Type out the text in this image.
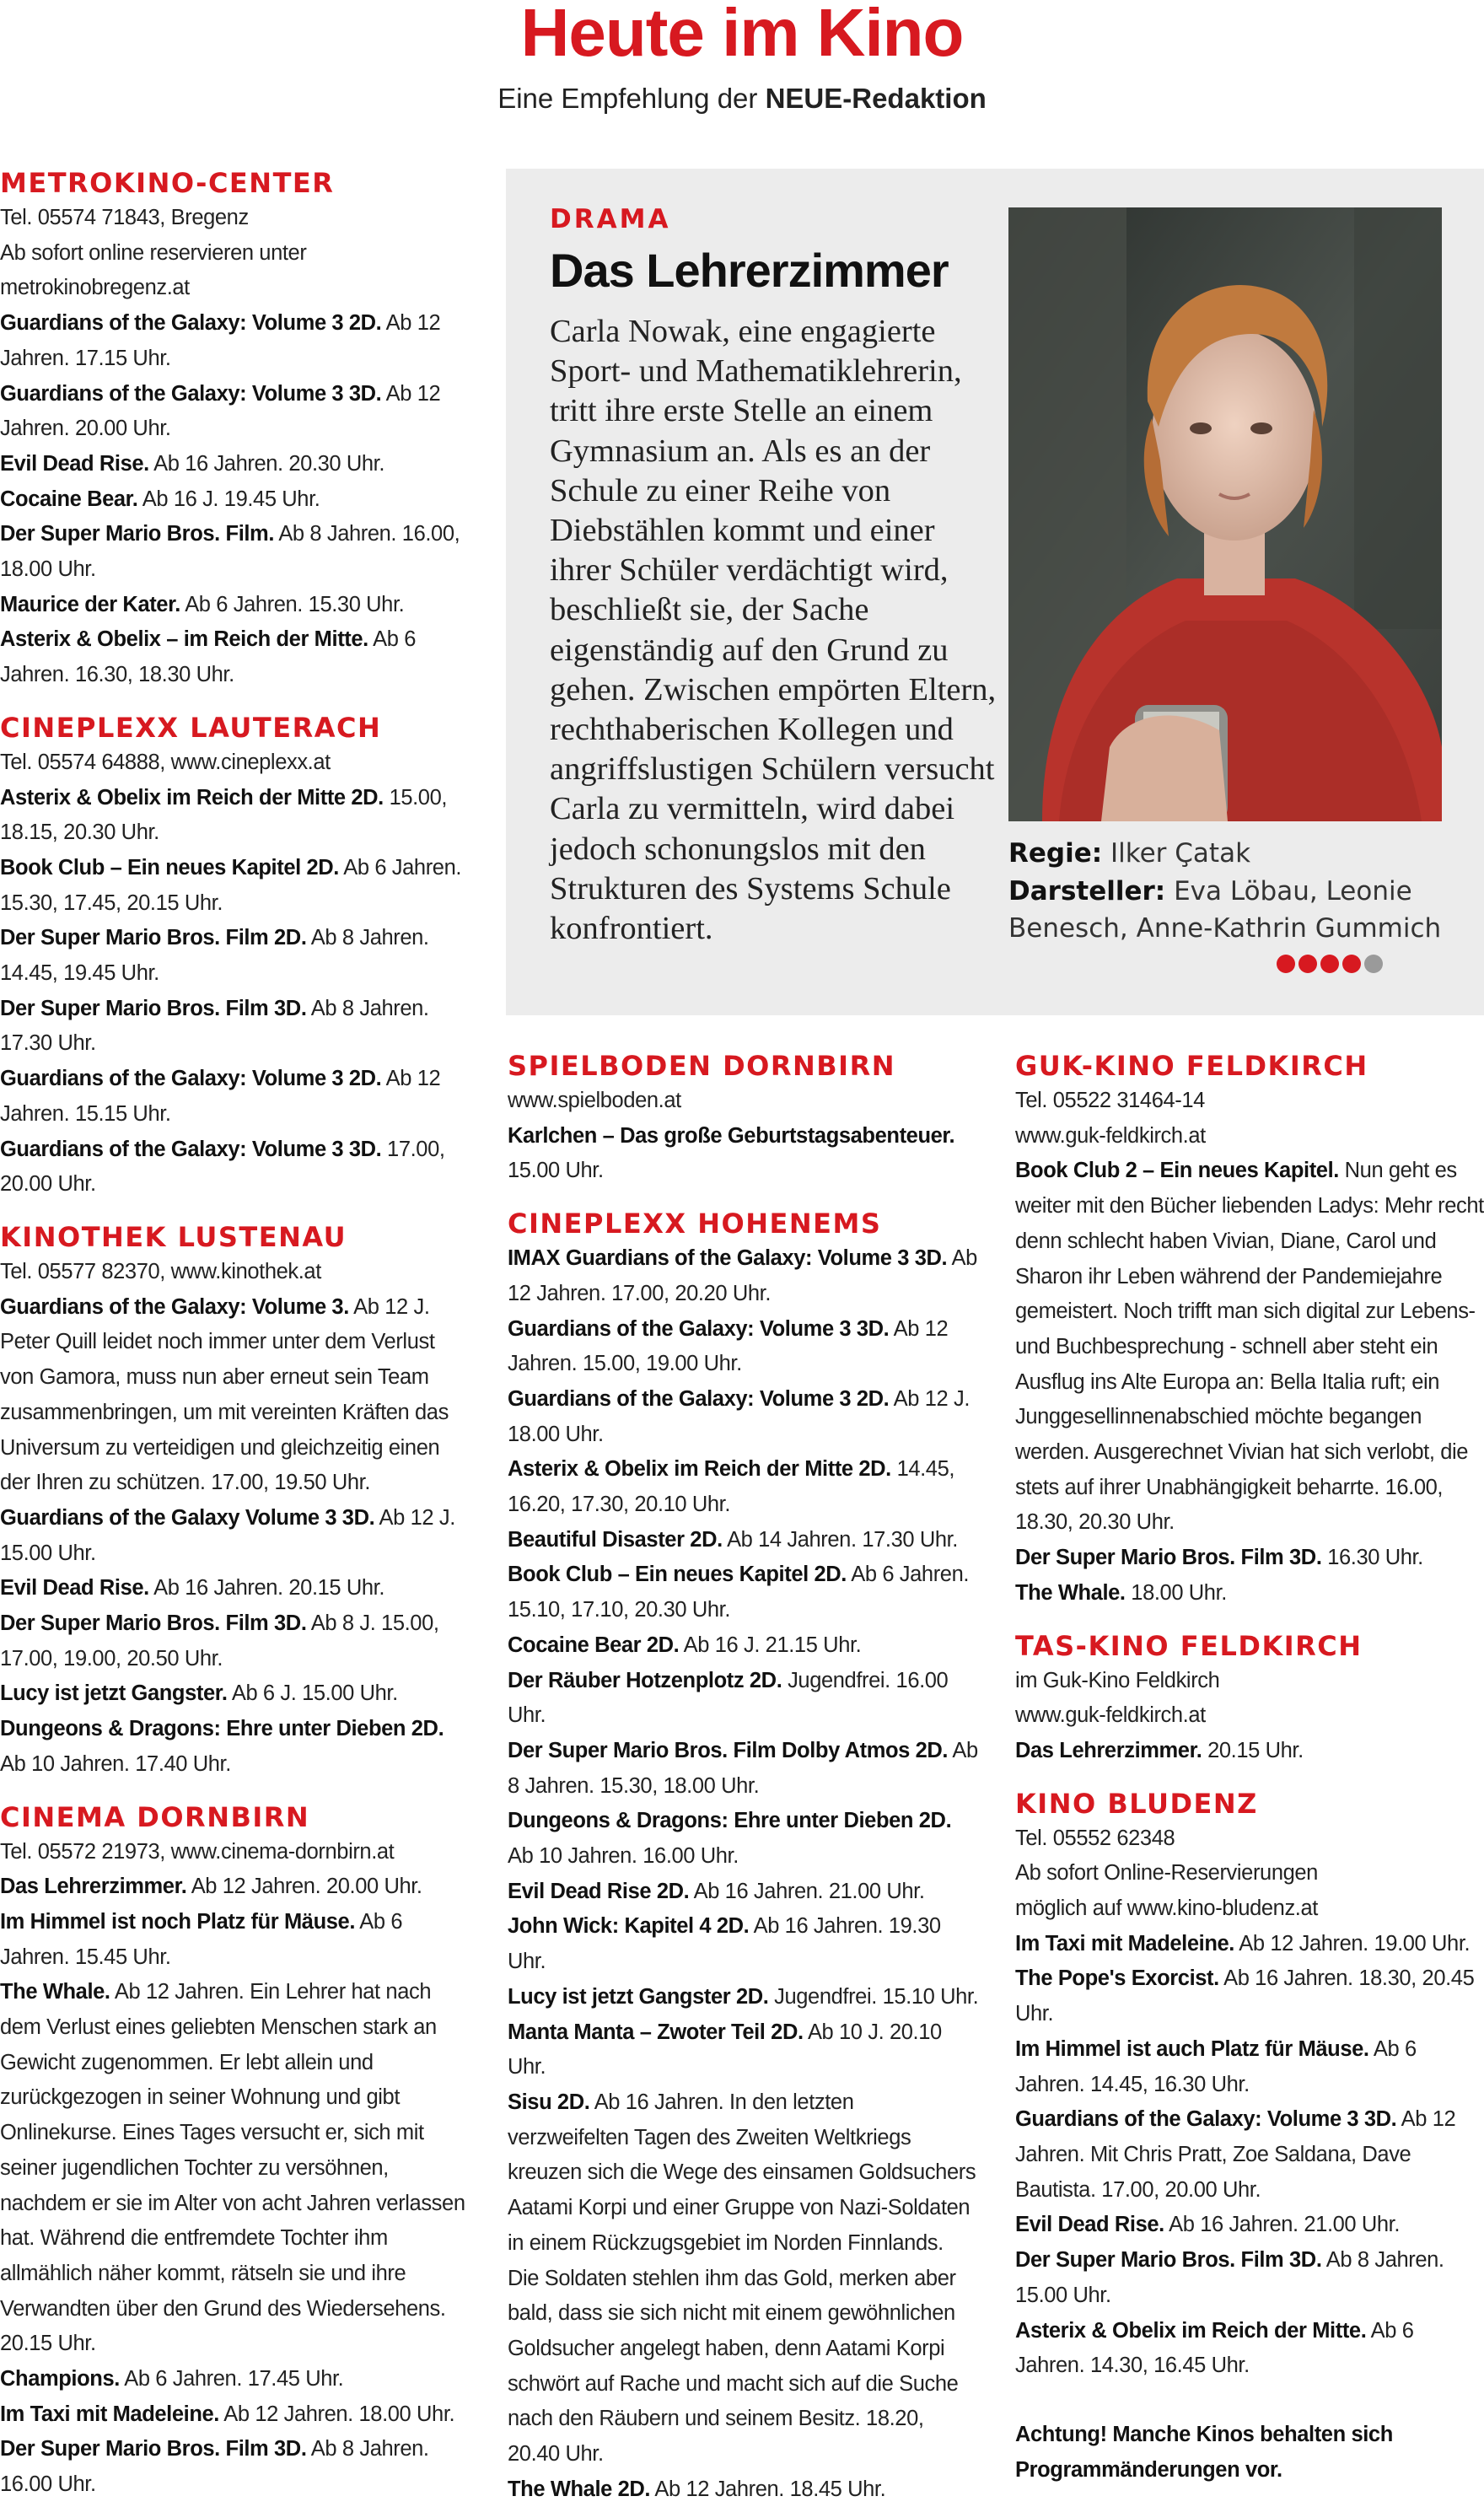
Heute im Kino
Eine Empfehlung der NEUE-Redaktion
DRAMA
Das Lehrerzimmer

Carla Nowak, eine engagierte Sport- und Mathematiklehrerin, tritt ihre erste Stelle an einem Gymnasium an. Als es an der Schule zu einer Reihe von Diebstählen kommt und einer ihrer Schüler verdächtigt wird, beschließt sie, der Sache eigenständig auf den Grund zu gehen. Zwischen empörten Eltern, rechthaberischen Kollegen und angriffslustigen Schülern versucht Carla zu vermitteln, wird dabei jedoch schonungslos mit den Strukturen des Systems Schule konfrontiert.

Regie: Ilker Çatak
Darsteller: Eva Löbau, Leonie Benesch, Anne-Kathrin Gummich

METROKINO-CENTER

Tel. 05574 71843, Bregenz

Ab sofort online reservieren unter

metrokinobregenz.at

Guardians of the Galaxy: Volume 3 2D. Ab 12 Jahren. 17.15 Uhr.

Guardians of the Galaxy: Volume 3 3D. Ab 12 Jahren. 20.00 Uhr.

Evil Dead Rise. Ab 16 Jahren. 20.30 Uhr.

Cocaine Bear. Ab 16 J. 19.45 Uhr.

Der Super Mario Bros. Film. Ab 8 Jahren. 16.00, 18.00 Uhr.

Maurice der Kater. Ab 6 Jahren. 15.30 Uhr.

Asterix & Obelix – im Reich der Mitte. Ab 6 Jahren. 16.30, 18.30 Uhr.

CINEPLEXX LAUTERACH

Tel. 05574 64888, www.cineplexx.at

Asterix & Obelix im Reich der Mitte 2D. 15.00, 18.15, 20.30 Uhr.

Book Club – Ein neues Kapitel 2D. Ab 6 Jahren. 15.30, 17.45, 20.15 Uhr.

Der Super Mario Bros. Film 2D. Ab 8 Jahren. 14.45, 19.45 Uhr.

Der Super Mario Bros. Film 3D. Ab 8 Jahren. 17.30 Uhr.

Guardians of the Galaxy: Volume 3 2D. Ab 12 Jahren. 15.15 Uhr.

Guardians of the Galaxy: Volume 3 3D. 17.00, 20.00 Uhr.

KINOTHEK LUSTENAU

Tel. 05577 82370, www.kinothek.at

Guardians of the Galaxy: Volume 3. Ab 12 J. Peter Quill leidet noch immer unter dem Verlust von Gamora, muss nun aber erneut sein Team zusammenbringen, um mit vereinten Kräften das Universum zu verteidigen und gleichzeitig einen der Ihren zu schützen. 17.00, 19.50 Uhr.

Guardians of the Galaxy Volume 3 3D. Ab 12 J. 15.00 Uhr.

Evil Dead Rise. Ab 16 Jahren. 20.15 Uhr.

Der Super Mario Bros. Film 3D. Ab 8 J. 15.00, 17.00, 19.00, 20.50 Uhr.

Lucy ist jetzt Gangster. Ab 6 J. 15.00 Uhr.

Dungeons & Dragons: Ehre unter Dieben 2D. Ab 10 Jahren. 17.40 Uhr.

CINEMA DORNBIRN

Tel. 05572 21973, www.cinema-dornbirn.at

Das Lehrerzimmer. Ab 12 Jahren. 20.00 Uhr.

Im Himmel ist noch Platz für Mäuse. Ab 6 Jahren. 15.45 Uhr.

The Whale. Ab 12 Jahren. Ein Lehrer hat nach dem Verlust eines geliebten Menschen stark an Gewicht zugenommen. Er lebt allein und zurückgezogen in seiner Wohnung und gibt Onlinekurse. Eines Tages versucht er, sich mit seiner jugendlichen Tochter zu versöhnen, nachdem er sie im Alter von acht Jahren verlassen hat. Während die entfremdete Tochter ihm allmählich näher kommt, rätseln sie und ihre Verwandten über den Grund des Wiedersehens. 20.15 Uhr.

Champions. Ab 6 Jahren. 17.45 Uhr.

Im Taxi mit Madeleine. Ab 12 Jahren. 18.00 Uhr.

Der Super Mario Bros. Film 3D. Ab 8 Jahren. 16.00 Uhr.

SPIELBODEN DORNBIRN

www.spielboden.at

Karlchen – Das große Geburtstagsabenteuer. 15.00 Uhr.

CINEPLEXX HOHENEMS

IMAX Guardians of the Galaxy: Volume 3 3D. Ab 12 Jahren. 17.00, 20.20 Uhr.

Guardians of the Galaxy: Volume 3 3D. Ab 12 Jahren. 15.00, 19.00 Uhr.

Guardians of the Galaxy: Volume 3 2D. Ab 12 J. 18.00 Uhr.

Asterix & Obelix im Reich der Mitte 2D. 14.45, 16.20, 17.30, 20.10 Uhr.

Beautiful Disaster 2D. Ab 14 Jahren. 17.30 Uhr.

Book Club – Ein neues Kapitel 2D. Ab 6 Jahren. 15.10, 17.10, 20.30 Uhr.

Cocaine Bear 2D. Ab 16 J. 21.15 Uhr.

Der Räuber Hotzenplotz 2D. Jugendfrei. 16.00 Uhr.

Der Super Mario Bros. Film Dolby Atmos 2D. Ab 8 Jahren. 15.30, 18.00 Uhr.

Dungeons & Dragons: Ehre unter Dieben 2D. Ab 10 Jahren. 16.00 Uhr.

Evil Dead Rise 2D. Ab 16 Jahren. 21.00 Uhr.

John Wick: Kapitel 4 2D. Ab 16 Jahren. 19.30 Uhr.

Lucy ist jetzt Gangster 2D. Jugendfrei. 15.10 Uhr.

Manta Manta – Zwoter Teil 2D. Ab 10 J. 20.10 Uhr.

Sisu 2D. Ab 16 Jahren. In den letzten verzweifelten Tagen des Zweiten Weltkriegs kreuzen sich die Wege des einsamen Goldsuchers Aatami Korpi und einer Gruppe von Nazi-Soldaten in einem Rückzugsgebiet im Norden Finnlands. Die Soldaten stehlen ihm das Gold, merken aber bald, dass sie sich nicht mit einem gewöhnlichen Goldsucher angelegt haben, denn Aatami Korpi schwört auf Rache und macht sich auf die Suche nach den Räubern und seinem Besitz. 18.20, 20.40 Uhr.

The Whale 2D. Ab 12 Jahren. 18.45 Uhr.

GUK-KINO FELDKIRCH

Tel. 05522 31464-14

www.guk-feldkirch.at

Book Club 2 – Ein neues Kapitel. Nun geht es weiter mit den Bücher liebenden Ladys: Mehr recht denn schlecht haben Vivian, Diane, Carol und Sharon ihr Leben während der Pandemiejahre gemeistert. Noch trifft man sich digital zur Lebens- und Buchbesprechung - schnell aber steht ein Ausflug ins Alte Europa an: Bella Italia ruft; ein Junggesellinnenabschied möchte begangen werden. Ausgerechnet Vivian hat sich verlobt, die stets auf ihrer Unabhängigkeit beharrte. 16.00, 18.30, 20.30 Uhr.

Der Super Mario Bros. Film 3D. 16.30 Uhr.

The Whale. 18.00 Uhr.

TAS-KINO FELDKIRCH

im Guk-Kino Feldkirch

www.guk-feldkirch.at

Das Lehrerzimmer. 20.15 Uhr.

KINO BLUDENZ

Tel. 05552 62348

Ab sofort Online-Reservierungen

möglich auf www.kino-bludenz.at

Im Taxi mit Madeleine. Ab 12 Jahren. 19.00 Uhr.

The Pope's Exorcist. Ab 16 Jahren. 18.30, 20.45 Uhr.

Im Himmel ist auch Platz für Mäuse. Ab 6 Jahren. 14.45, 16.30 Uhr.

Guardians of the Galaxy: Volume 3 3D. Ab 12 Jahren. Mit Chris Pratt, Zoe Saldana, Dave Bautista. 17.00, 20.00 Uhr.

Evil Dead Rise. Ab 16 Jahren. 21.00 Uhr.

Der Super Mario Bros. Film 3D. Ab 8 Jahren. 15.00 Uhr.

Asterix & Obelix im Reich der Mitte. Ab 6 Jahren. 14.30, 16.45 Uhr.

Achtung! Manche Kinos behalten sich Programmänderungen vor.
